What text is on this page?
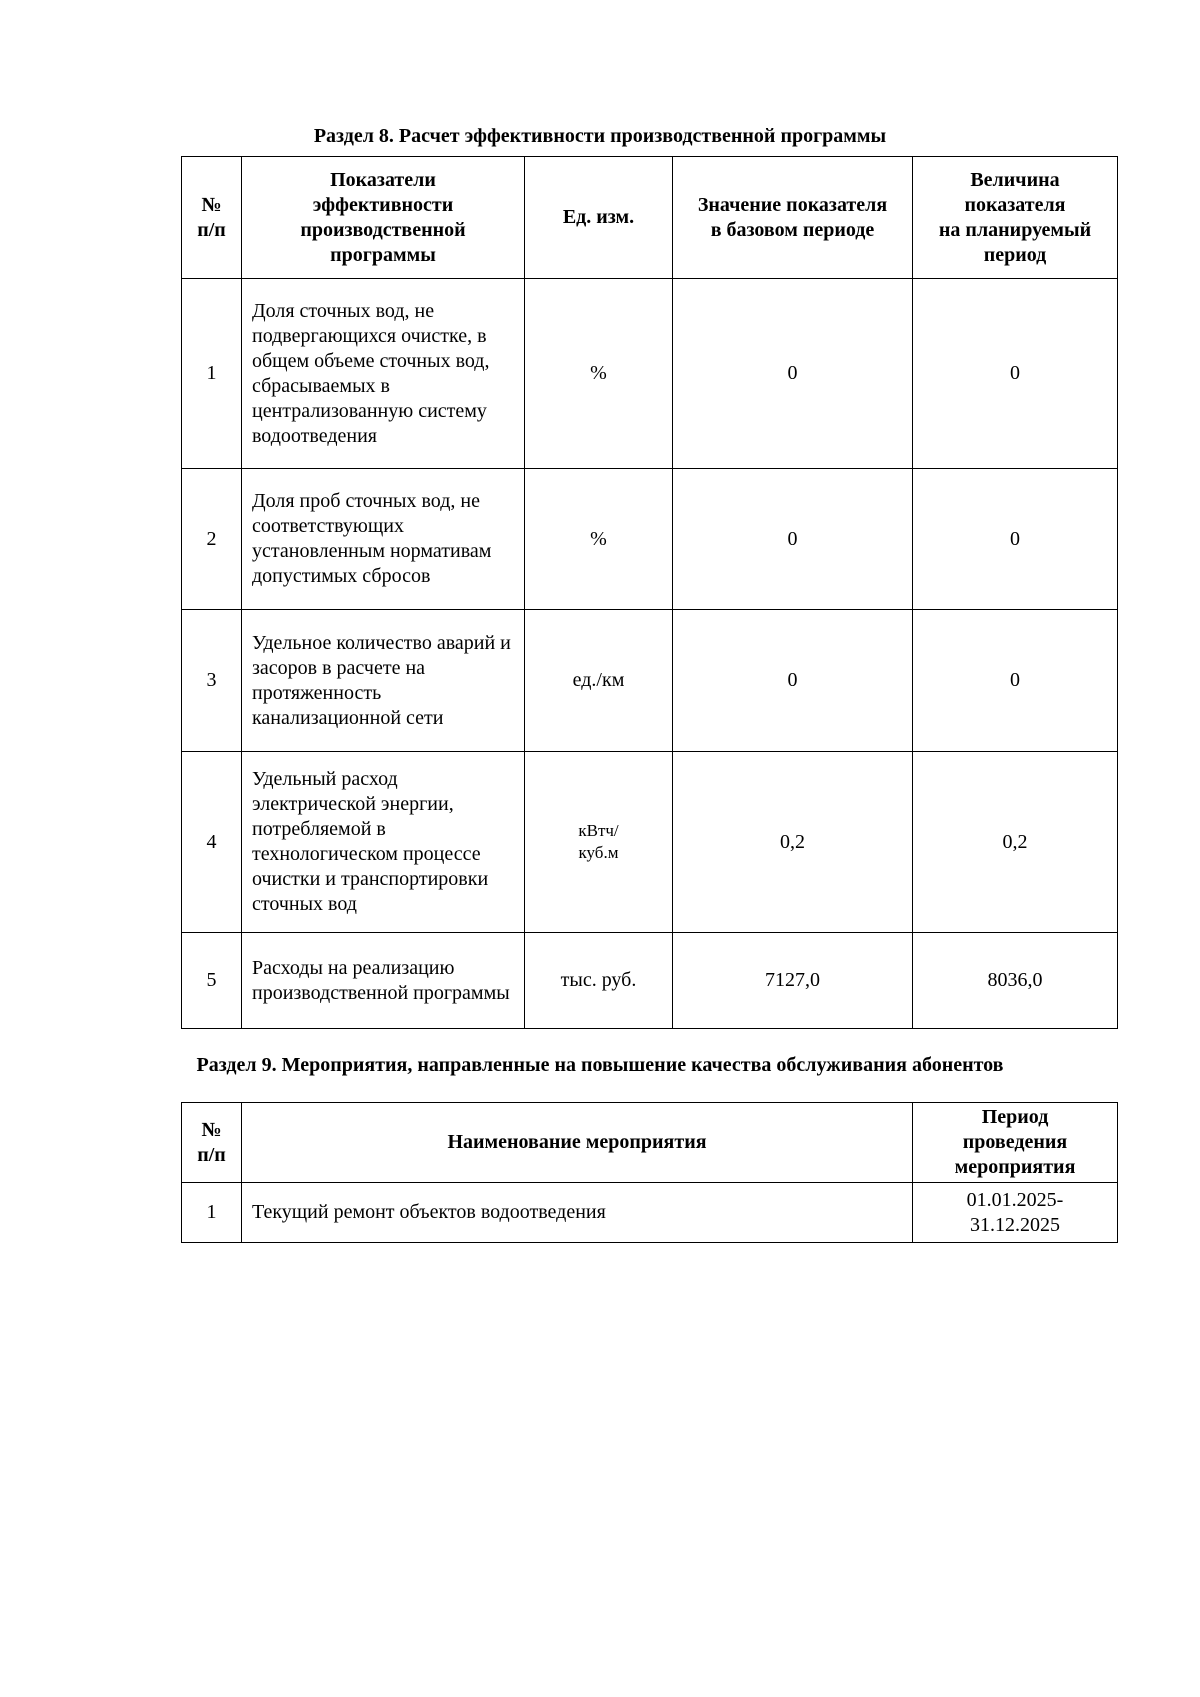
Раздел 8. Расчет эффективности производственной программы
№
п/п	Показатели
эффективности
производственной
программы	Ед. изм.	Значение показателя
в базовом периоде	Величина
показателя
на планируемый
период
1	Доля сточных вод, не подвергающихся очистке, в общем объеме сточных вод, сбрасываемых в централизованную систему водоотведения	%	0	0
2	Доля проб сточных вод, не соответствующих установленным нормативам допустимых сбросов	%	0	0
3	Удельное количество аварий и засоров в расчете на протяженность канализационной сети	ед./км	0	0
4	Удельный расход электрической энергии, потребляемой в технологическом процессе очистки и транспортировки сточных вод	кВтч/
куб.м	0,2	0,2
5	Расходы на реализацию производственной программы	тыс. руб.	7127,0	8036,0
Раздел 9. Мероприятия, направленные на повышение качества обслуживания абонентов
№
п/п	Наименование мероприятия	Период
проведения
мероприятия
1	Текущий ремонт объектов водоотведения	01.01.2025-
31.12.2025
